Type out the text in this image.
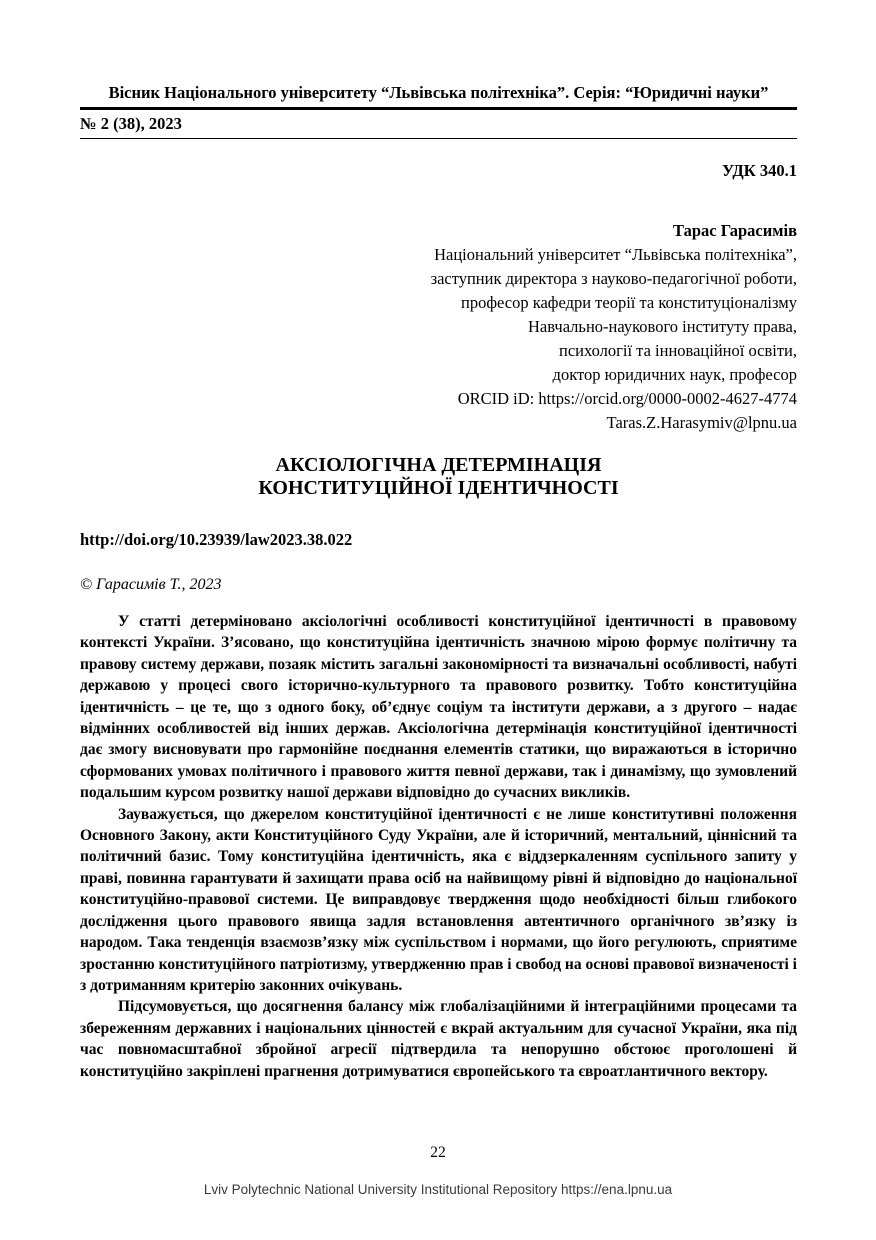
Вісник Національного університету “Львівська політехніка”. Серія: “Юридичні науки”
№ 2 (38), 2023
УДК 340.1
Тарас Гарасимів
Національний університет “Львівська політехніка”,
заступник директора з науково-педагогічної роботи,
професор кафедри теорії та конституціоналізму
Навчально-наукового інституту права,
психології та інноваційної освіти,
доктор юридичних наук, професор
ORCID iD: https://orcid.org/0000-0002-4627-4774
Taras.Z.Harasymiv@lpnu.ua
АКСІОЛОГІЧНА ДЕТЕРМІНАЦІЯ
КОНСТИТУЦІЙНОЇ ІДЕНТИЧНОСТІ
http://doi.org/10.23939/law2023.38.022
© Гарасимів Т., 2023

У статті детерміновано аксіологічні особливості конституційної ідентичності в правовому контексті України. З’ясовано, що конституційна ідентичність значною мірою формує політичну та правову систему держави, позаяк містить загальні закономірності та визначальні особливості, набуті державою у процесі свого історично-культурного та правового розвитку. Тобто конституційна ідентичність – це те, що з одного боку, об’єднує соціум та інститути держави, а з другого – надає відмінних особливостей від інших держав. Аксіологічна детермінація конституційної ідентичності дає змогу висновувати про гармонійне поєднання елементів статики, що виражаються в історично сформованих умовах політичного і правового життя певної держави, так і динамізму, що зумовлений подальшим курсом розвитку нашої держави відповідно до сучасних викликів.

Зауважується, що джерелом конституційної ідентичності є не лише конститутивні положення Основного Закону, акти Конституційного Суду України, але й історичний, ментальний, ціннісний та політичний базис. Тому конституційна ідентичність, яка є віддзеркаленням суспільного запиту у праві, повинна гарантувати й захищати права осіб на найвищому рівні й відповідно до національної конституційно-правової системи. Це виправдовує твердження щодо необхідності більш глибокого дослідження цього правового явища задля встановлення автентичного органічного зв’язку із народом. Така тенденція взаємозв’язку між суспільством і нормами, що його регулюють, сприятиме зростанню конституційного патріотизму, утвердженню прав і свобод на основі правової визначеності і з дотриманням критерію законних очікувань.

Підсумовується, що досягнення балансу між глобалізаційними й інтеграційними процесами та збереженням державних і національних цінностей є вкрай актуальним для сучасної України, яка під час повномасштабної збройної агресії підтвердила та непорушно обстоює проголошені й конституційно закріплені прагнення дотримуватися європейського та євроатлантичного вектору.

22
Lviv Polytechnic National University Institutional Repository https://ena.lpnu.ua
